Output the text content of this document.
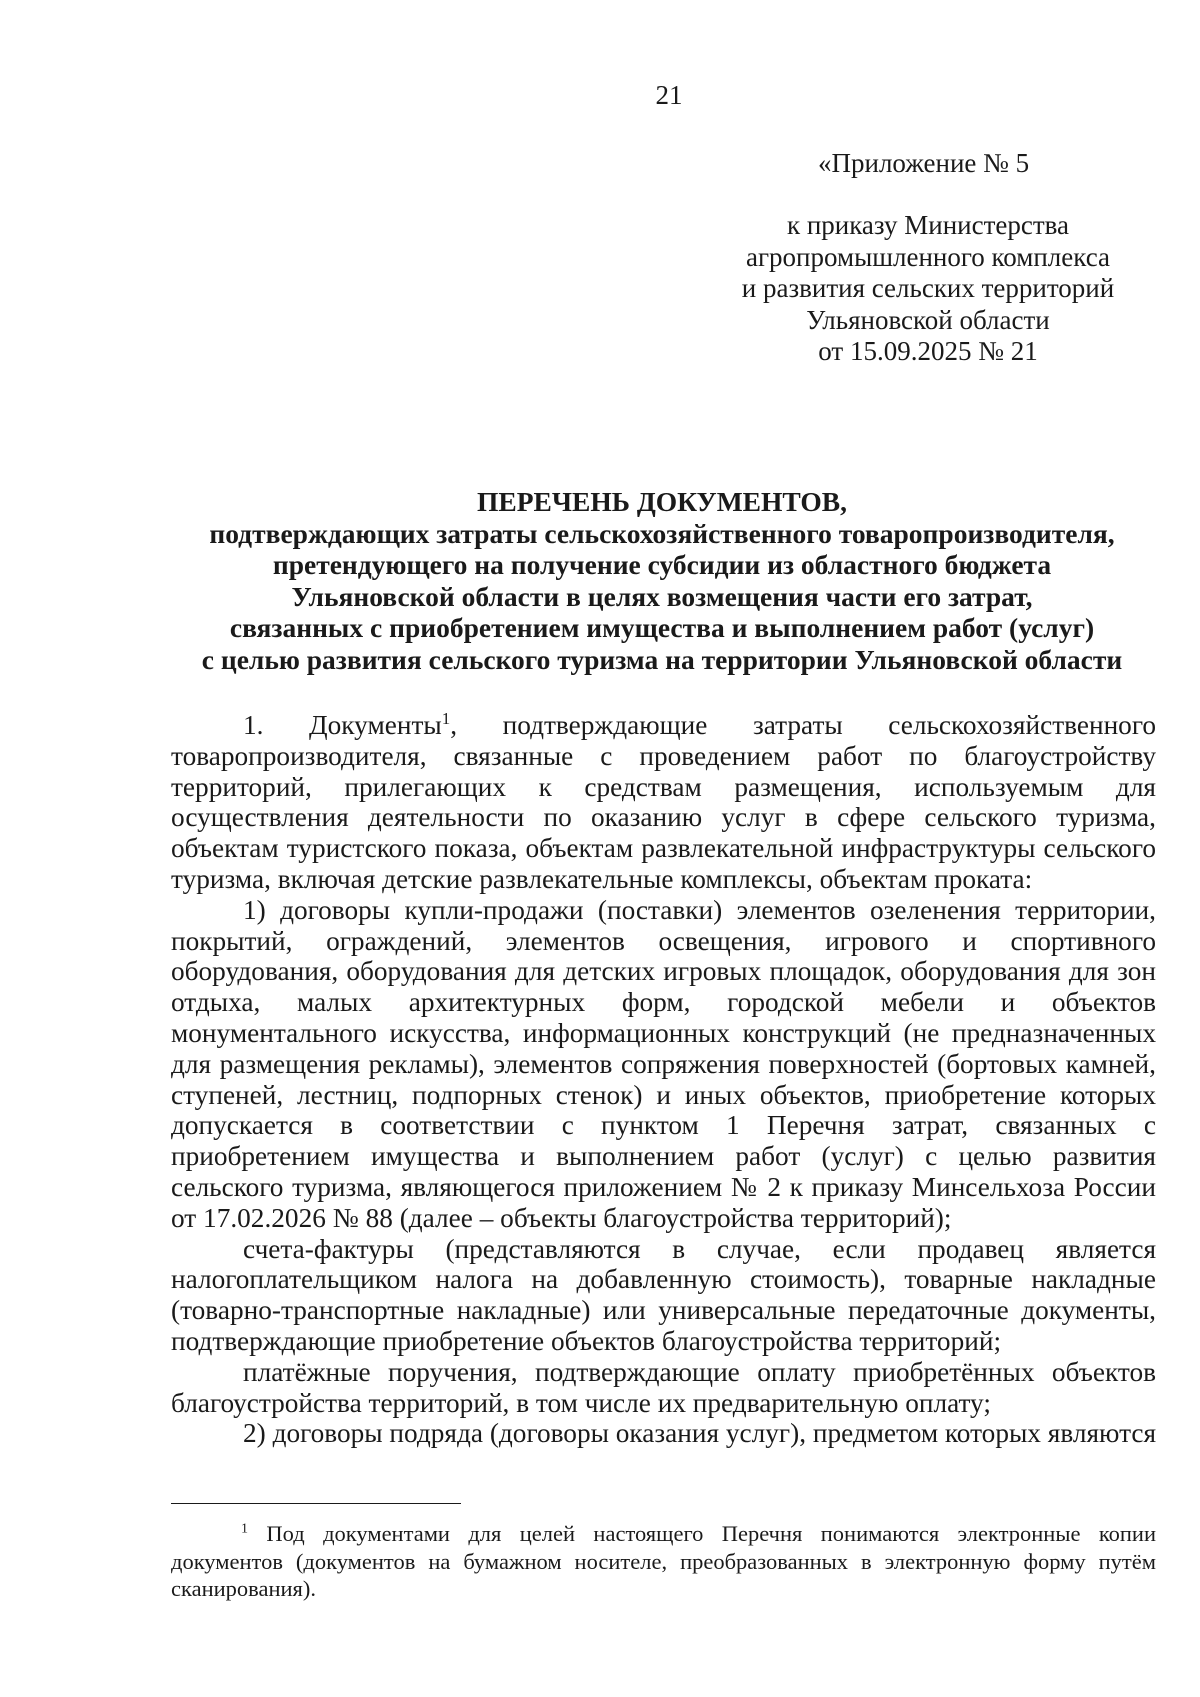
21
«Приложение № 5
к приказу Министерства
агропромышленного комплекса
и развития сельских территорий
Ульяновской области
от 15.09.2025 № 21
ПЕРЕЧЕНЬ ДОКУМЕНТОВ,
подтверждающих затраты сельскохозяйственного товаропроизводителя,
претендующего на получение субсидии из областного бюджета
Ульяновской области в целях возмещения части его затрат,
связанных с приобретением имущества и выполнением работ (услуг)
с целью развития сельского туризма на территории Ульяновской области

1. Документы$^1$, подтверждающие затраты сельскохозяйственного товаропроизводителя, связанные с проведением работ по благоустройству территорий, прилегающих к средствам размещения, используемым для осуществления деятельности по оказанию услуг в сфере сельского туризма, объектам туристского показа, объектам развлекательной инфраструктуры сельского туризма, включая детские развлекательные комплексы, объектам проката:

1) договоры купли-продажи (поставки) элементов озеленения территории, покрытий, ограждений, элементов освещения, игрового и спортивного оборудования, оборудования для детских игровых площадок, оборудования для зон отдыха, малых архитектурных форм, городской мебели и объектов монументального искусства, информационных конструкций (не предназначенных для размещения рекламы), элементов сопряжения поверхностей (бортовых камней, ступеней, лестниц, подпорных стенок) и иных объектов, приобретение которых допускается в соответствии с пунктом 1 Перечня затрат, связанных с приобретением имущества и выполнением работ (услуг) с целью развития сельского туризма, являющегося приложением № 2 к приказу Минсельхоза России от 17.02.2026 № 88 (далее – объекты благоустройства территорий);

счета-фактуры (представляются в случае, если продавец является налогоплательщиком налога на добавленную стоимость), товарные накладные (товарно-транспортные накладные) или универсальные передаточные документы, подтверждающие приобретение объектов благоустройства территорий;

платёжные поручения, подтверждающие оплату приобретённых объектов благоустройства территорий, в том числе их предварительную оплату;

2) договоры подряда (договоры оказания услуг), предметом которых являются

$^1$ Под документами для целей настоящего Перечня понимаются электронные копии документов (документов на бумажном носителе, преобразованных в электронную форму путём сканирования).
